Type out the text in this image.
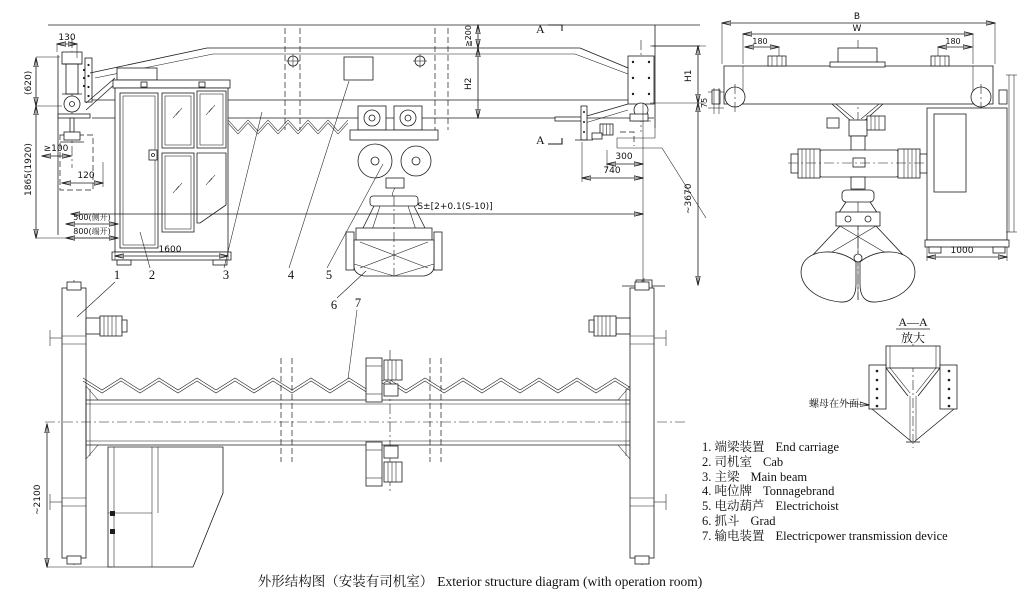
A
A
130
(620)
1865(1920) ≥100
120
500(侧开)
800(端开)
1600
≧200
H2
300
740
S±[2+0.1(S-10)]
H1
~3670
B
W
180	180
75
1000
A—A
放大
螺母在外面
~2100
1 2	3	4	5
6 7
1. 端梁装置 End carriage
2. 司机室 Cab
3. 主梁 Main beam
4. 吨位牌 Tonnagebrand
5. 电动葫芦 Electrichoist
6. 抓斗 Grad
7. 输电装置 Electricpower transmission device
外形结构图（安装有司机室） Exterior structure diagram (with operation room)
